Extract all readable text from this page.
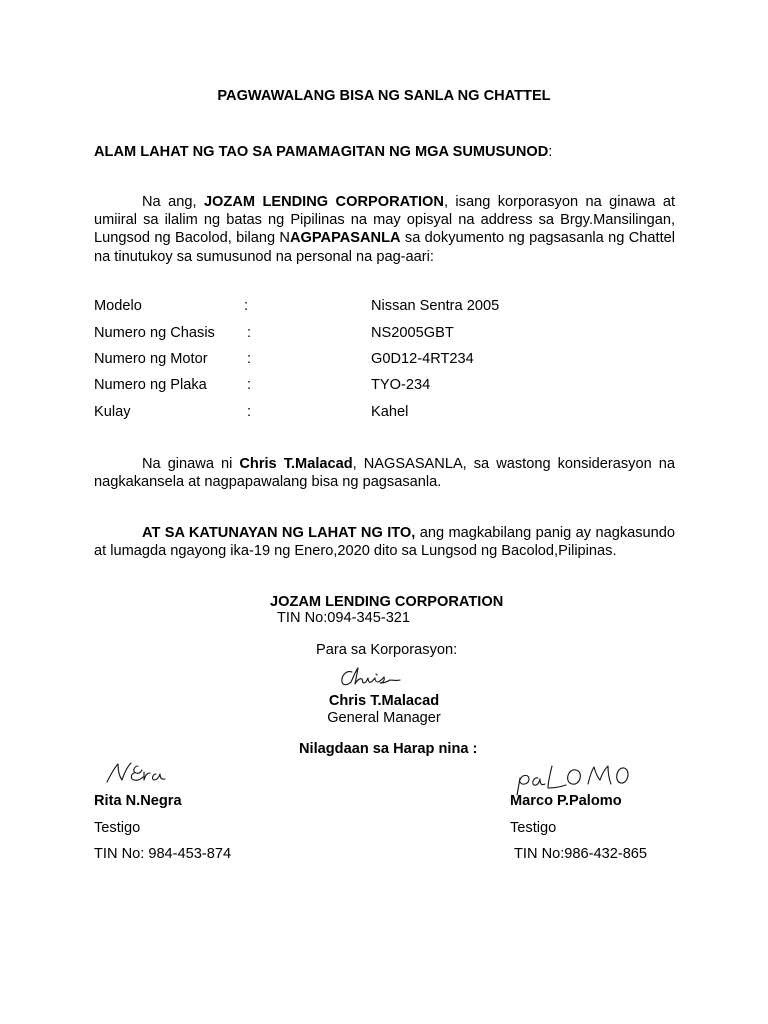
PAGWAWALANG BISA NG SANLA NG CHATTEL
ALAM LAHAT NG TAO SA PAMAMAGITAN NG MGA SUMUSUNOD:
Na ang, JOZAM LENDING CORPORATION, isang korporasyon na ginawa at umiiral sa ilalim ng batas ng Pipilinas na may opisyal na address sa Brgy.Mansilingan, Lungsod ng Bacolod, bilang NAGPAPASANLA sa dokyumento ng pagsasanla ng Chattel na tinutukoy sa sumusunod na personal na pag-aari:
Modelo	:	Nissan Sentra 2005
Numero ng Chasis :	NS2005GBT
Numero ng Motor	:	G0D12-4RT234
Numero ng Plaka	:	TYO-234
Kulay	:	Kahel
Na ginawa ni Chris T.Malacad, NAGSASANLA, sa wastong konsiderasyon na nagkakansela at nagpapawalang bisa ng pagsasanla.
AT SA KATUNAYAN NG LAHAT NG ITO, ang magkabilang panig ay nagkasundo at lumagda ngayong ika-19 ng Enero,2020 dito sa Lungsod ng Bacolod,Pilipinas.
JOZAM LENDING CORPORATION
TIN No:094-345-321
Para sa Korporasyon:
Chris T.Malacad
General Manager
Nilagdaan sa Harap nina :
Rita N.Negra
Testigo
TIN No: 984-453-874
Marco P.Palomo
Testigo
TIN No:986-432-865
